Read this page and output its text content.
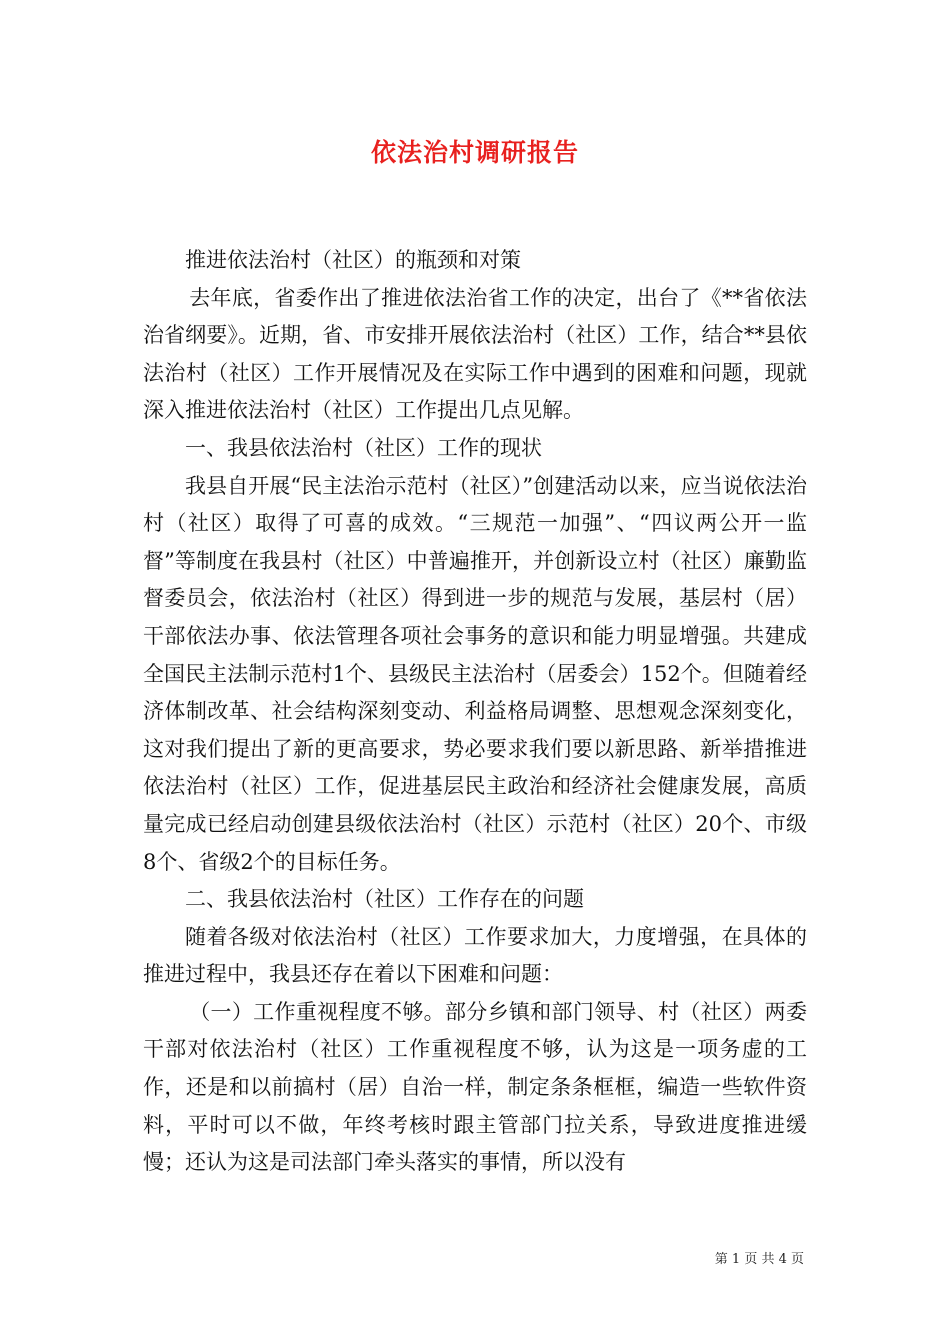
依法治村调研报告

推进依法治村（社区）的瓶颈和对策

去年底，省委作出了推进依法治省工作的决定，出台了《**省依法治省纲要》。近期，省、市安排开展依法治村（社区）工作，结合**县依法治村（社区）工作开展情况及在实际工作中遇到的困难和问题，现就深入推进依法治村（社区）工作提出几点见解。

一、我县依法治村（社区）工作的现状

我县自开展“民主法治示范村（社区）”创建活动以来，应当说依法治村（社区）取得了可喜的成效。“三规范一加强”、“四议两公开一监督”等制度在我县村（社区）中普遍推开，并创新设立村（社区）廉勤监督委员会，依法治村（社区）得到进一步的规范与发展，基层村（居）干部依法办事、依法管理各项社会事务的意识和能力明显增强。共建成全国民主法制示范村1个、县级民主法治村（居委会）152个。但随着经济体制改革、社会结构深刻变动、利益格局调整、思想观念深刻变化，这对我们提出了新的更高要求，势必要求我们要以新思路、新举措推进依法治村（社区）工作，促进基层民主政治和经济社会健康发展，高质量完成已经启动创建县级依法治村（社区）示范村（社区）20个、市级8个、省级2个的目标任务。

二、我县依法治村（社区）工作存在的问题

随着各级对依法治村（社区）工作要求加大，力度增强，在具体的推进过程中，我县还存在着以下困难和问题：

（一）工作重视程度不够。部分乡镇和部门领导、村（社区）两委干部对依法治村（社区）工作重视程度不够，认为这是一项务虚的工作，还是和以前搞村（居）自治一样，制定条条框框，编造一些软件资料，平时可以不做，年终考核时跟主管部门拉关系，导致进度推进缓慢；还认为这是司法部门牵头落实的事情，所以没有

第 1 页 共 4 页
